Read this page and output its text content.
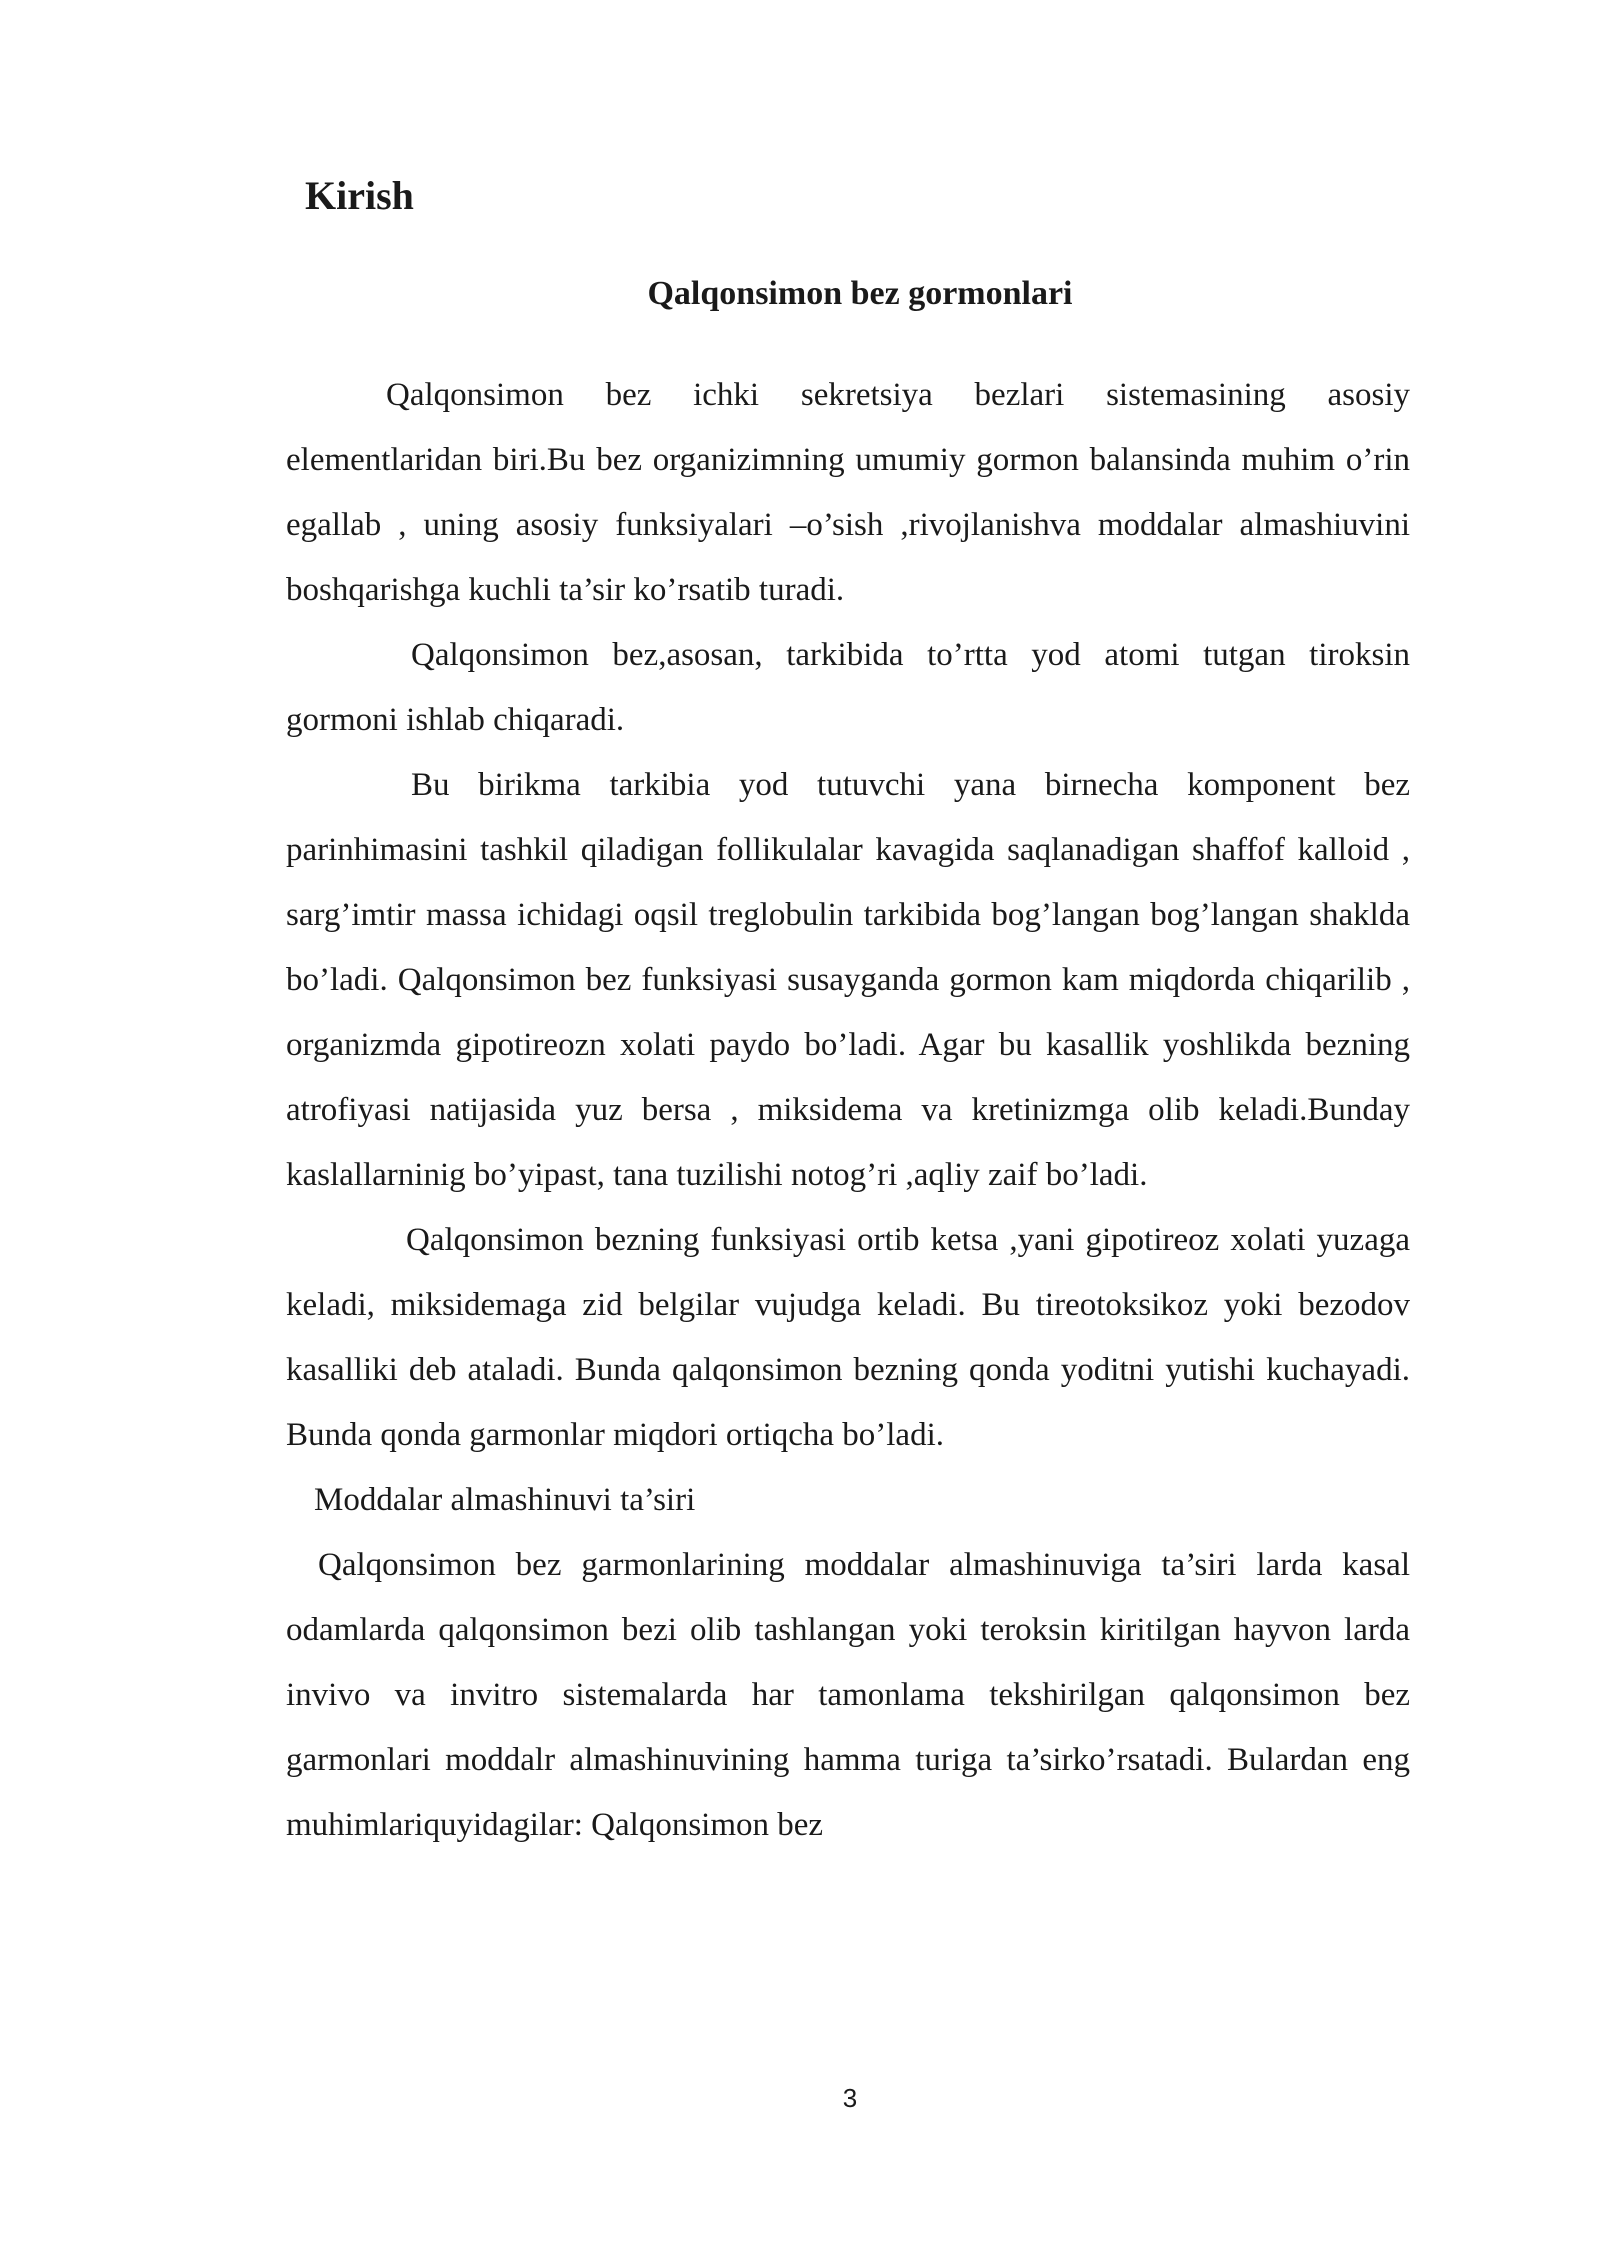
Kirish
Qalqonsimon bez gormonlari

Qalqonsimon bez ichki sekretsiya bezlari sistemasining asosiy elementlaridan biri.Bu bez organizimning umumiy gormon balansinda muhim o’rin egallab , uning asosiy funksiyalari –o’sish ,rivojlanishva moddalar almashiuvini boshqarishga kuchli ta’sir ko’rsatib turadi.

Qalqonsimon bez,asosan, tarkibida to’rtta yod atomi tutgan tiroksin gormoni ishlab chiqaradi.

Bu birikma tarkibia yod tutuvchi yana birnecha komponent bez parinhimasini tashkil qiladigan follikulalar kavagida saqlanadigan shaffof kalloid , sarg’imtir massa ichidagi oqsil treglobulin tarkibida bog’langan bog’langan shaklda bo’ladi. Qalqonsimon bez funksiyasi susayganda gormon kam miqdorda chiqarilib , organizmda gipotireozn xolati paydo bo’ladi. Agar bu kasallik yoshlikda bezning atrofiyasi natijasida yuz bersa , miksidema va kretinizmga olib keladi.Bunday kaslallarninig bo’yipast, tana tuzilishi notog’ri ,aqliy zaif bo’ladi.

Qalqonsimon bezning funksiyasi ortib ketsa ,yani gipotireoz xolati yuzaga keladi, miksidemaga zid belgilar vujudga keladi. Bu tireotoksikoz yoki bezodov kasalliki deb ataladi. Bunda qalqonsimon bezning qonda yoditni yutishi kuchayadi. Bunda qonda garmonlar miqdori ortiqcha bo’ladi.

Moddalar almashinuvi ta’siri

Qalqonsimon bez garmonlarining moddalar almashinuviga ta’siri larda kasal odamlarda qalqonsimon bezi olib tashlangan yoki teroksin kiritilgan hayvon larda invivo va invitro sistemalarda har tamonlama tekshirilgan qalqonsimon bez garmonlari moddalr almashinuvining hamma turiga ta’sirko’rsatadi. Bulardan eng muhimlariquyidagilar: Qalqonsimon bez

3
